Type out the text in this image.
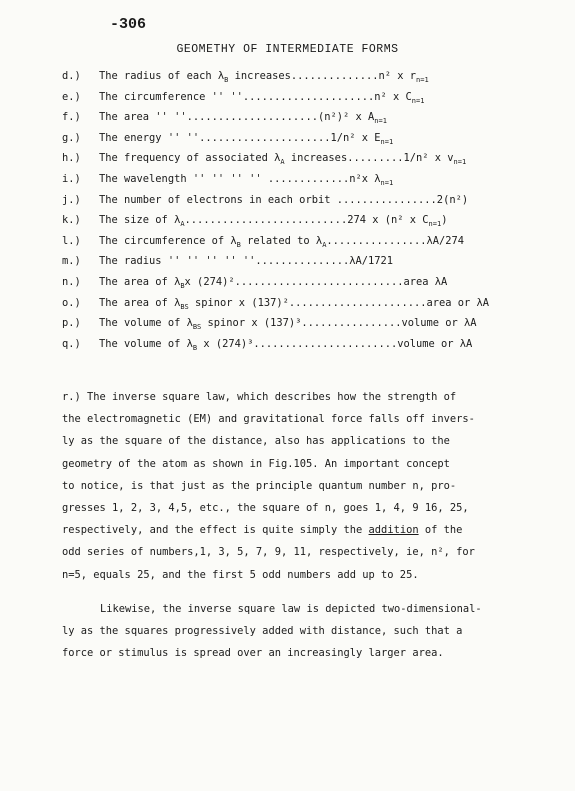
-306

GEOMETHY OF INTERMEDIATE FORMS
d.) The radius of each $\lambda_B$ increases..............n² x $r_{n=1}$
e.) The circumference '' ''.....................n² x $C_{n=1}$
f.) The area '' ''.....................(n²)² x $A_{n=1}$
g.) The energy '' ''.....................1/n² x $E_{n=1}$
h.) The frequency of associated $\lambda_A$ increases.........1/n² x $v_{n=1}$
i.) The wavelength '' '' '' '' .............n²x $\lambda_{n=1}$
j.) The number of electrons in each orbit ................2(n²)
k.) The size of $\lambda_A..........................274$ x (n² x $C_{n=1}$)
l.) The circumference of $\lambda_B$ related to $\lambda_A................\lambda A/274$
m.) The radius '' '' '' '' ''...............λA/1721
n.) The area of $\lambda_Bx$ (274)²...........................area λA
o.) The area of $\lambda_{BS}$ spinor x (137)²......................area or λA
p.) The volume of $\lambda_{BS}$ spinor x (137)³................volume or λA
q.) The volume of $\lambda_B$ x (274)³.......................volume or λA

r.) The inverse square law, which describes how the strength of

the electromagnetic (EM) and gravitational force falls off invers-

ly as the square of the distance, also has applications to the

geometry of the atom as shown in Fig.105. An important concept

to notice, is that just as the principle quantum number n, pro-

gresses 1, 2, 3, 4,5, etc., the square of n, goes 1, 4, 9 16, 25,

respectively, and the effect is quite simply the addition of the

odd series of numbers,1, 3, 5, 7, 9, 11, respectively, ie, n², for

n=5, equals 25, and the first 5 odd numbers add up to 25.

Likewise, the inverse square law is depicted two-dimensional-

ly as the squares progressively added with distance, such that a

force or stimulus is spread over an increasingly larger area.
